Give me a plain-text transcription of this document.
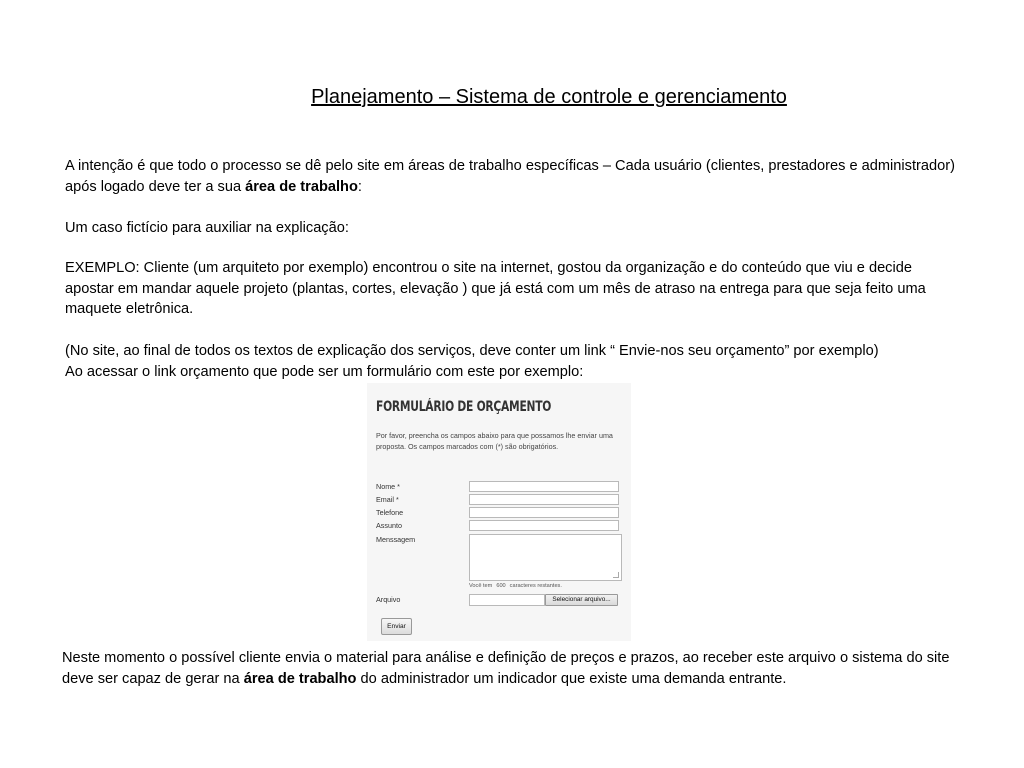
Planejamento – Sistema de controle e gerenciamento
A intenção é que todo o processo se dê pelo site em áreas de trabalho específicas – Cada usuário (clientes, prestadores e administrador) após logado deve ter a sua área de trabalho:
Um caso fictício para auxiliar na explicação:
EXEMPLO: Cliente (um arquiteto por exemplo) encontrou o site na internet, gostou da organização e do conteúdo que viu e decide apostar em mandar aquele projeto (plantas, cortes, elevação ) que já está com um mês de atraso na entrega para que seja feito uma maquete eletrônica.
(No site, ao final de todos os textos de explicação dos serviços, deve conter um link “ Envie-nos seu orçamento” por exemplo)
Ao acessar o link orçamento que pode ser um formulário com este por exemplo:
FORMULÁRIO DE ORÇAMENTO
Por favor, preencha os campos abaixo para que possamos lhe enviar uma proposta. Os campos marcados com (*) são obrigatórios.
Nome *
Email *
Telefone
Assunto
Menssagem
Você tem 600 caracteres restantes.
Arquivo	Selecionar arquivo...
Enviar
Neste momento o possível cliente envia o material para análise e definição de preços e prazos, ao receber este arquivo o sistema do site deve ser capaz de gerar na área de trabalho do administrador um indicador que existe uma demanda entrante.
